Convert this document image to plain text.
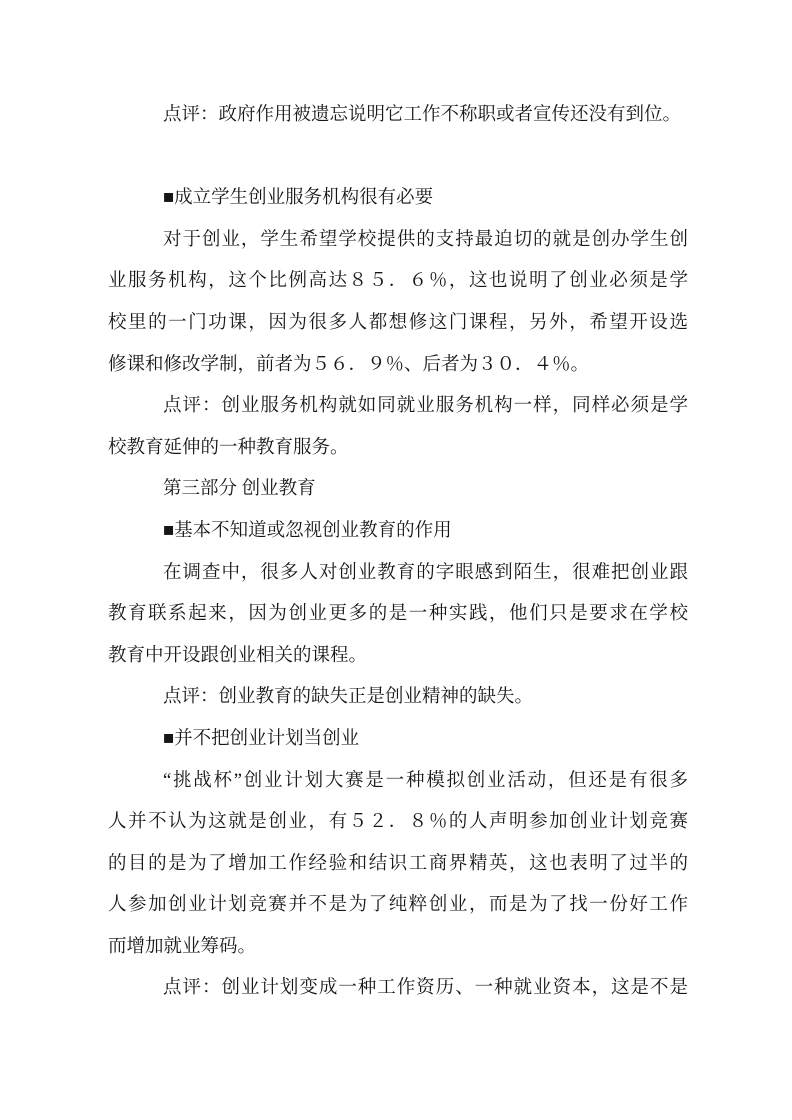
点评：政府作用被遗忘说明它工作不称职或者宣传还没有到位。
■成立学生创业服务机构很有必要
对于创业，学生希望学校提供的支持最迫切的就是创办学生创
业服务机构，这个比例高达８５．６％，这也说明了创业必须是学
校里的一门功课，因为很多人都想修这门课程，另外，希望开设选
修课和修改学制，前者为５６．９％、后者为３０．４％。
点评：创业服务机构就如同就业服务机构一样，同样必须是学
校教育延伸的一种教育服务。
第三部分 创业教育
■基本不知道或忽视创业教育的作用
在调查中，很多人对创业教育的字眼感到陌生，很难把创业跟
教育联系起来，因为创业更多的是一种实践，他们只是要求在学校
教育中开设跟创业相关的课程。
点评：创业教育的缺失正是创业精神的缺失。
■并不把创业计划当创业
“挑战杯”创业计划大赛是一种模拟创业活动，但还是有很多
人并不认为这就是创业，有５２．８％的人声明参加创业计划竞赛
的目的是为了增加工作经验和结识工商界精英，这也表明了过半的
人参加创业计划竞赛并不是为了纯粹创业，而是为了找一份好工作
而增加就业筹码。
点评：创业计划变成一种工作资历、一种就业资本，这是不是
